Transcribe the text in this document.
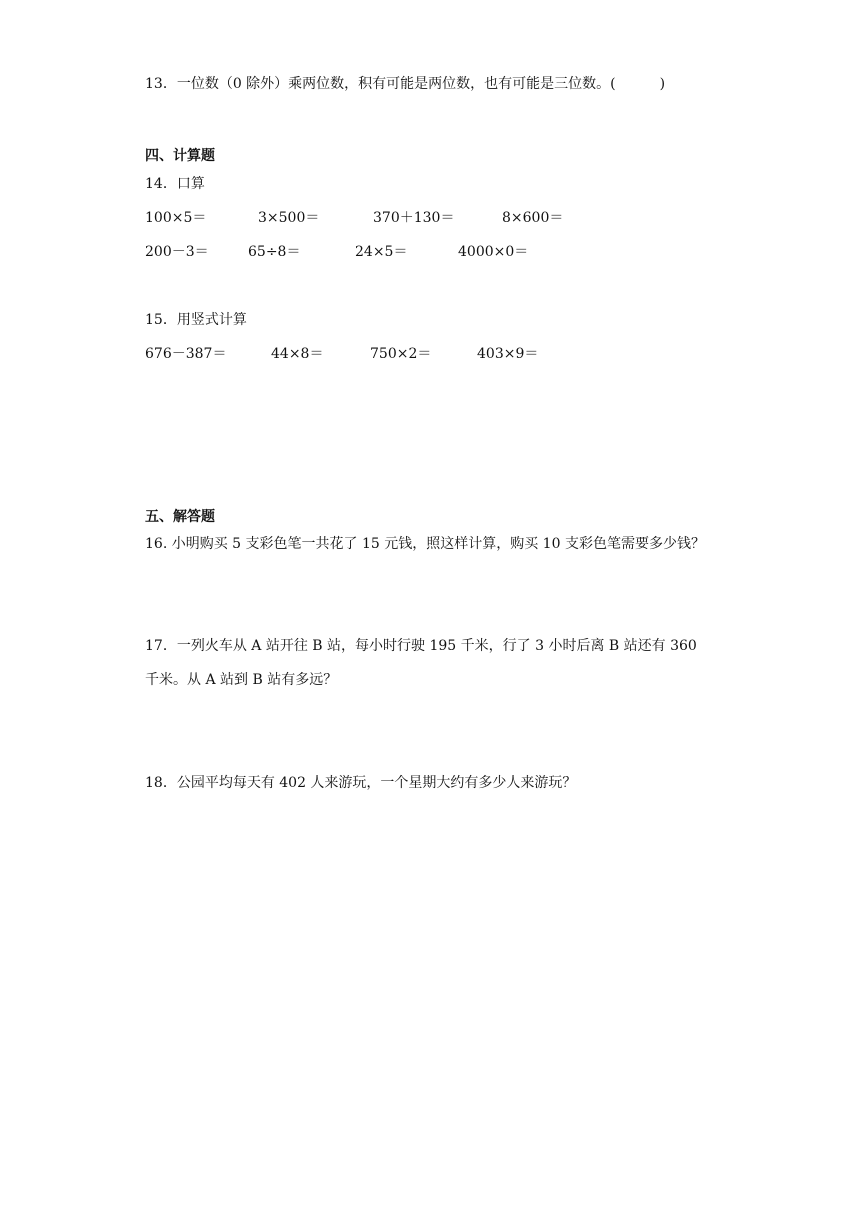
13．一位数（0 除外）乘两位数，积有可能是两位数，也有可能是三位数。(	)
四、计算题
14．口算
100×5＝	3×500＝	370＋130＝	8×600＝
200－3＝	65÷8＝	24×5＝	4000×0＝
15．用竖式计算
676－387＝	44×8＝	750×2＝	403×9＝
五、解答题
16. 小明购买 5 支彩色笔一共花了 15 元钱，照这样计算，购买 10 支彩色笔需要多少钱？
17．一列火车从 A 站开往 B 站，每小时行驶 195 千米，行了 3 小时后离 B 站还有 360
千米。从 A 站到 B 站有多远？
18．公园平均每天有 402 人来游玩，一个星期大约有多少人来游玩？
